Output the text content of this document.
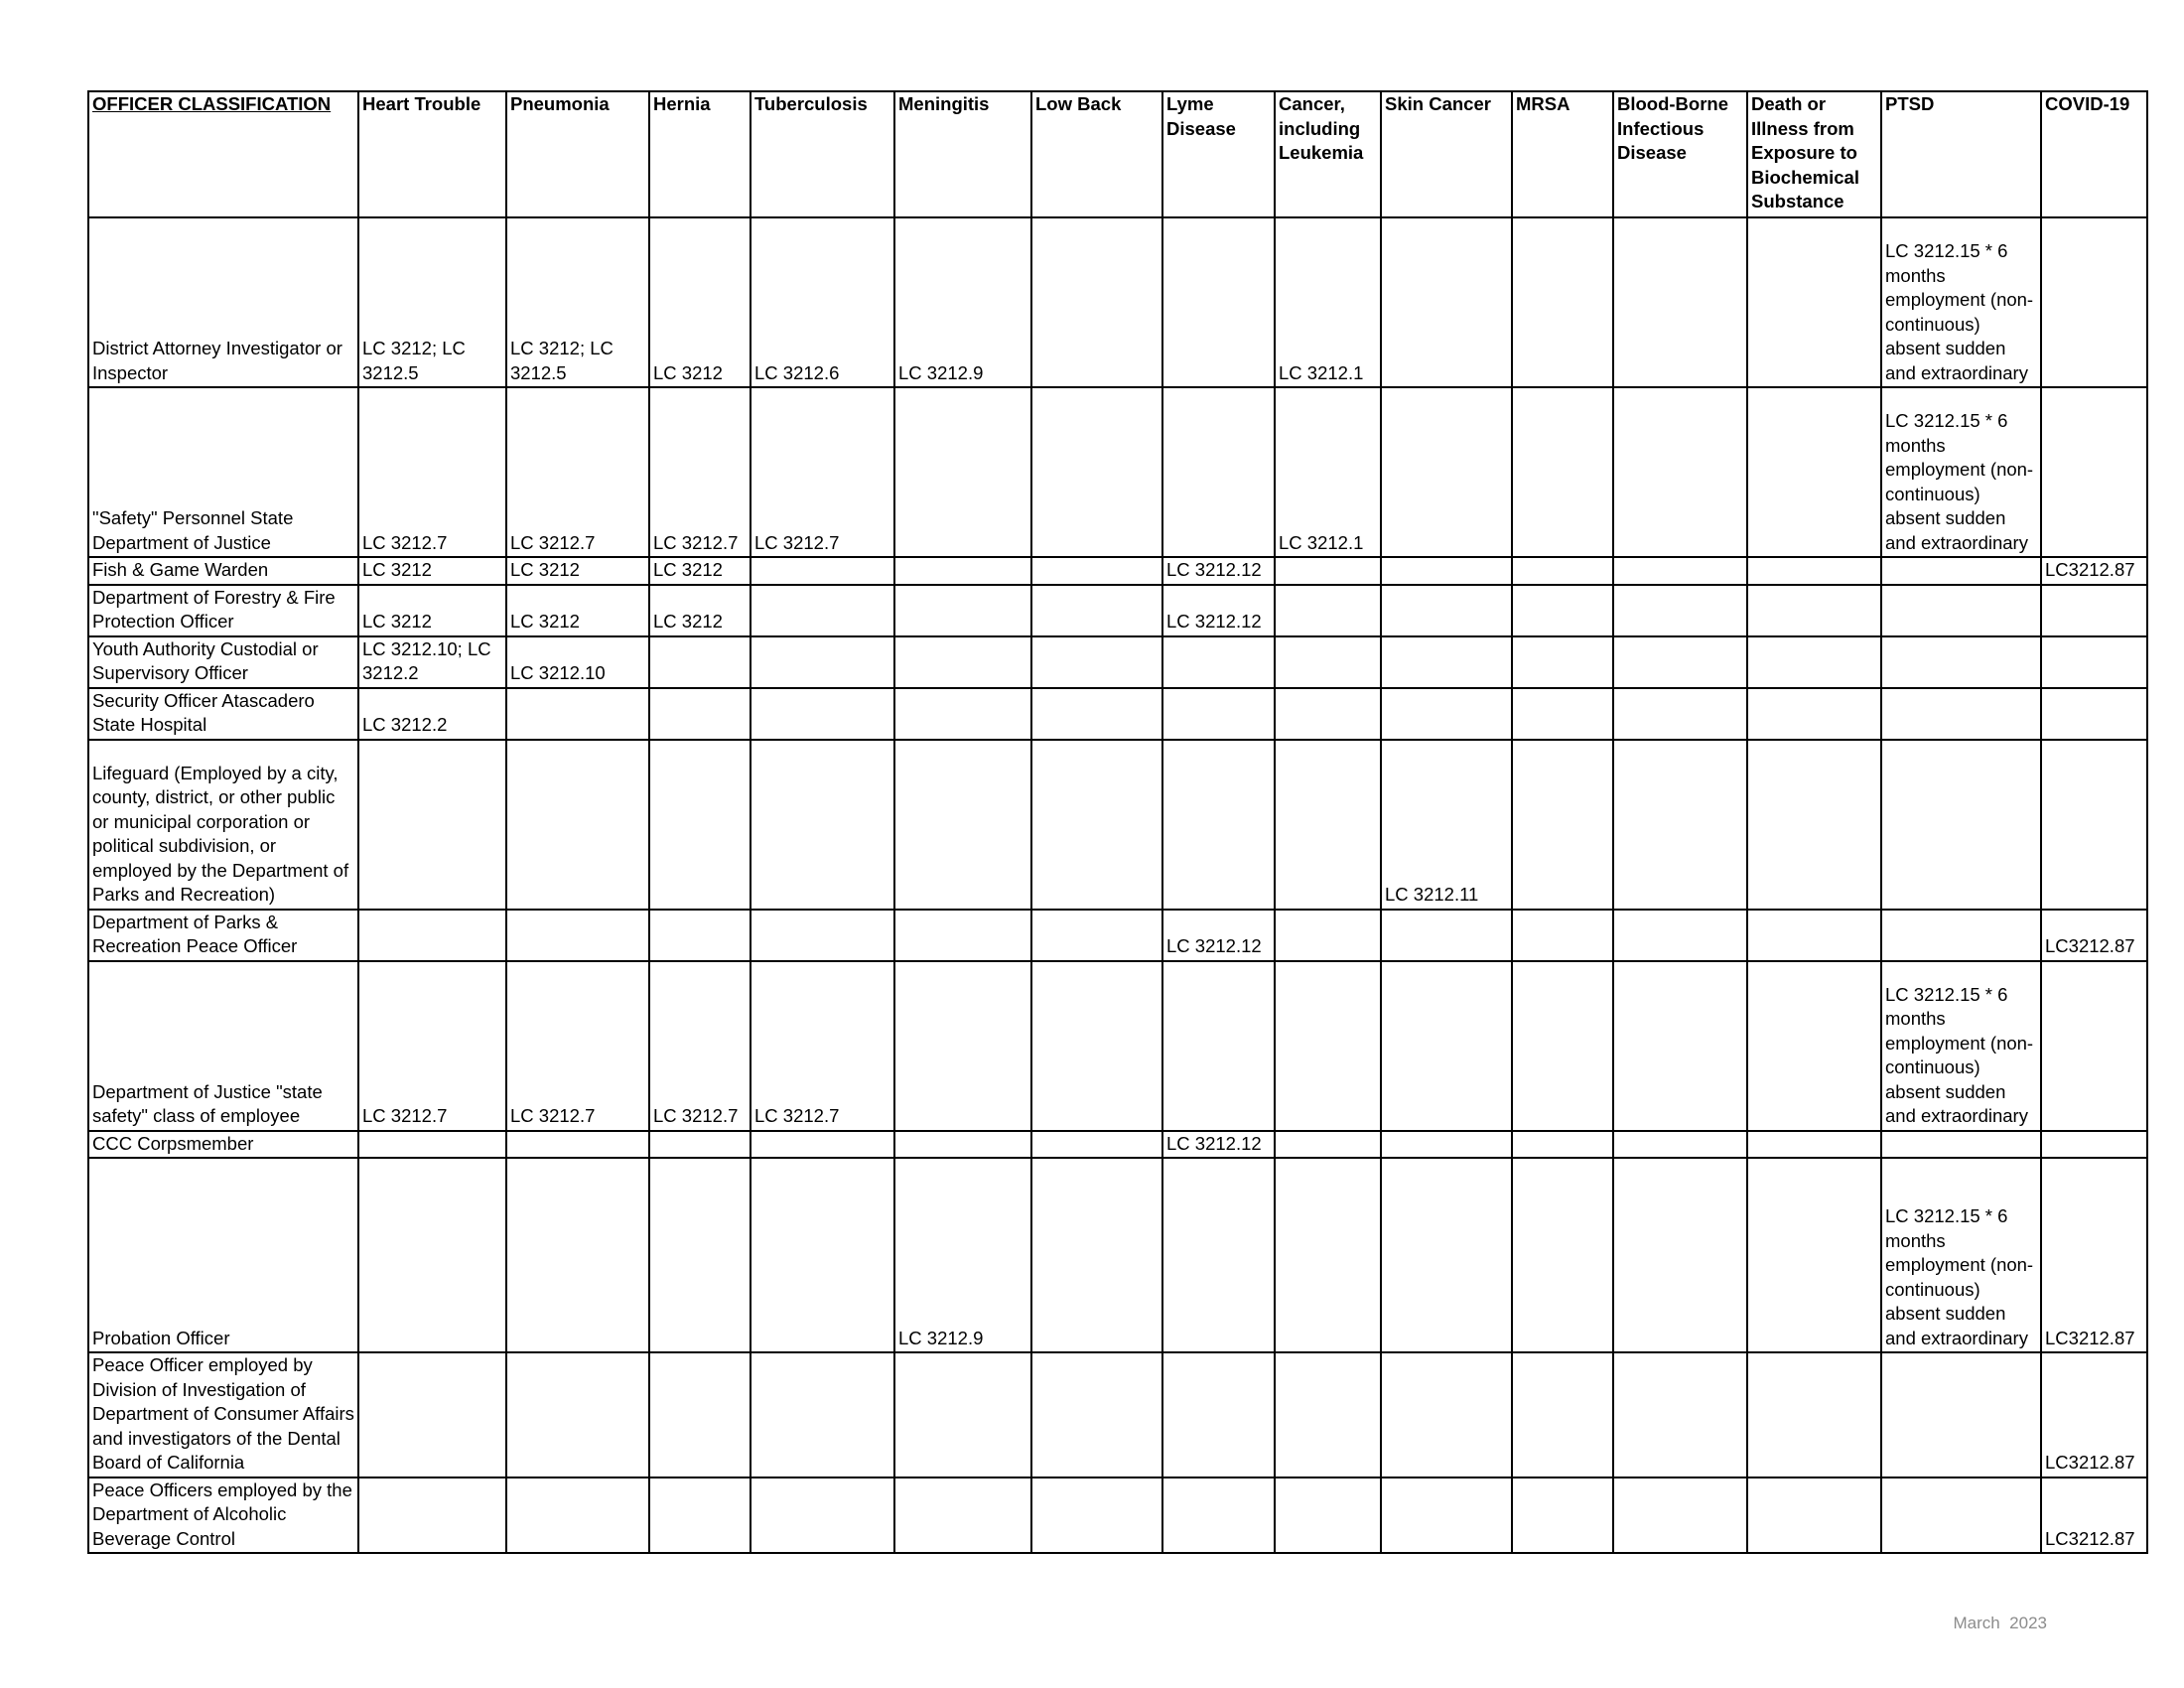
OFFICER CLASSIFICATION	Heart Trouble	Pneumonia	Hernia	Tuberculosis	Meningitis	Low Back	Lyme Disease	Cancer, including Leukemia	Skin Cancer	MRSA	Blood-Borne Infectious Disease	Death or Illness from Exposure to Biochemical Substance	PTSD	COVID-19
District Attorney Investigator or Inspector	LC 3212; LC 3212.5	LC 3212; LC 3212.5	LC 3212	LC 3212.6	LC 3212.9			LC 3212.1					LC 3212.15 * 6 months employment (non-continuous) absent sudden and extraordinary	
"Safety" Personnel State Department of Justice	LC 3212.7	LC 3212.7	LC 3212.7	LC 3212.7				LC 3212.1					LC 3212.15 * 6 months employment (non-continuous) absent sudden and extraordinary	
Fish & Game Warden	LC 3212	LC 3212	LC 3212				LC 3212.12							LC3212.87
Department of Forestry & Fire Protection Officer	LC 3212	LC 3212	LC 3212				LC 3212.12							
Youth Authority Custodial or Supervisory Officer	LC 3212.10; LC 3212.2	LC 3212.10												
Security Officer Atascadero State Hospital	LC 3212.2													
Lifeguard (Employed by a city, county, district, or other public or municipal corporation or political subdivision, or employed by the Department of Parks and Recreation)									LC 3212.11					
Department of Parks & Recreation Peace Officer							LC 3212.12							LC3212.87
Department of Justice "state safety" class of employee	LC 3212.7	LC 3212.7	LC 3212.7	LC 3212.7									LC 3212.15 * 6 months employment (non-continuous) absent sudden and extraordinary	
CCC Corpsmember							LC 3212.12							
Probation Officer					LC 3212.9								LC 3212.15 * 6 months employment (non-continuous) absent sudden and extraordinary	LC3212.87
Peace Officer employed by Division of Investigation of Department of Consumer Affairs and investigators of the Dental Board of California														LC3212.87
Peace Officers employed by the Department of Alcoholic Beverage Control														LC3212.87
March  2023
